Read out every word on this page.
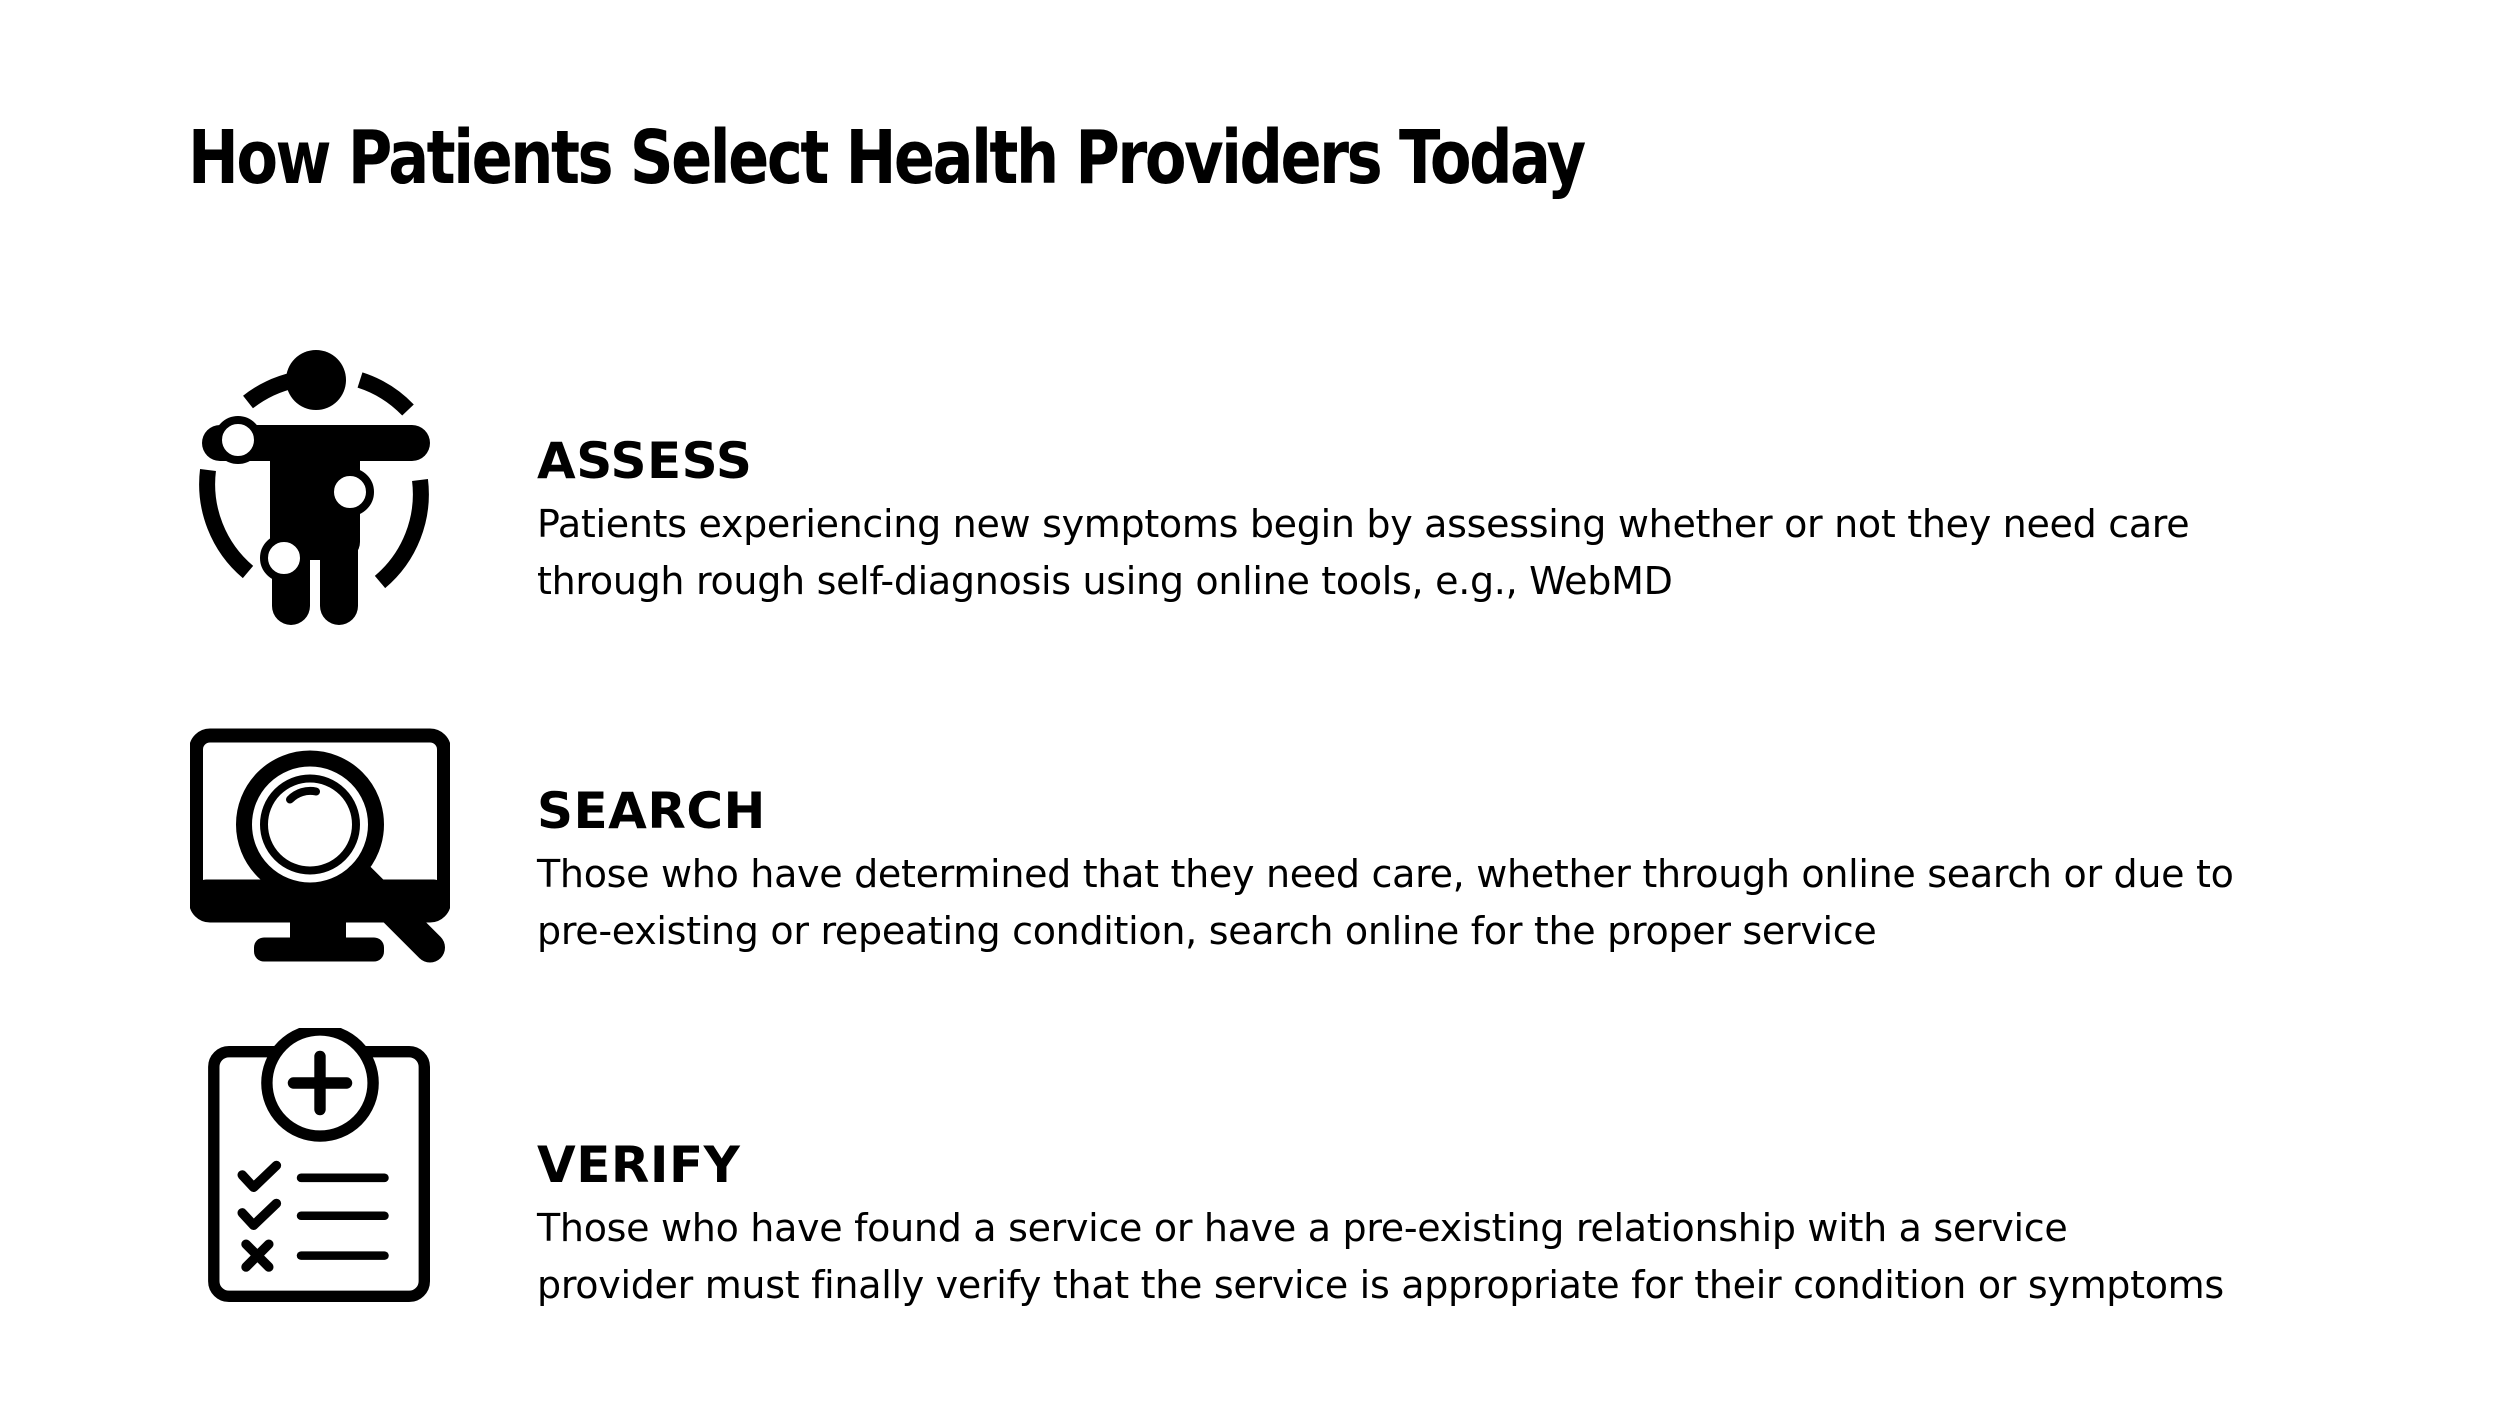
How Patients Select Health Providers Today
ASSESS

Patients experiencing new symptoms begin by assessing whether or not they need care
through rough self-diagnosis using online tools, e.g., WebMD

SEARCH

Those who have determined that they need care, whether through online search or due to
pre-existing or repeating condition, search online for the proper service

VERIFY

Those who have found a service or have a pre-existing relationship with a service
provider must finally verify that the service is appropriate for their condition or symptoms
